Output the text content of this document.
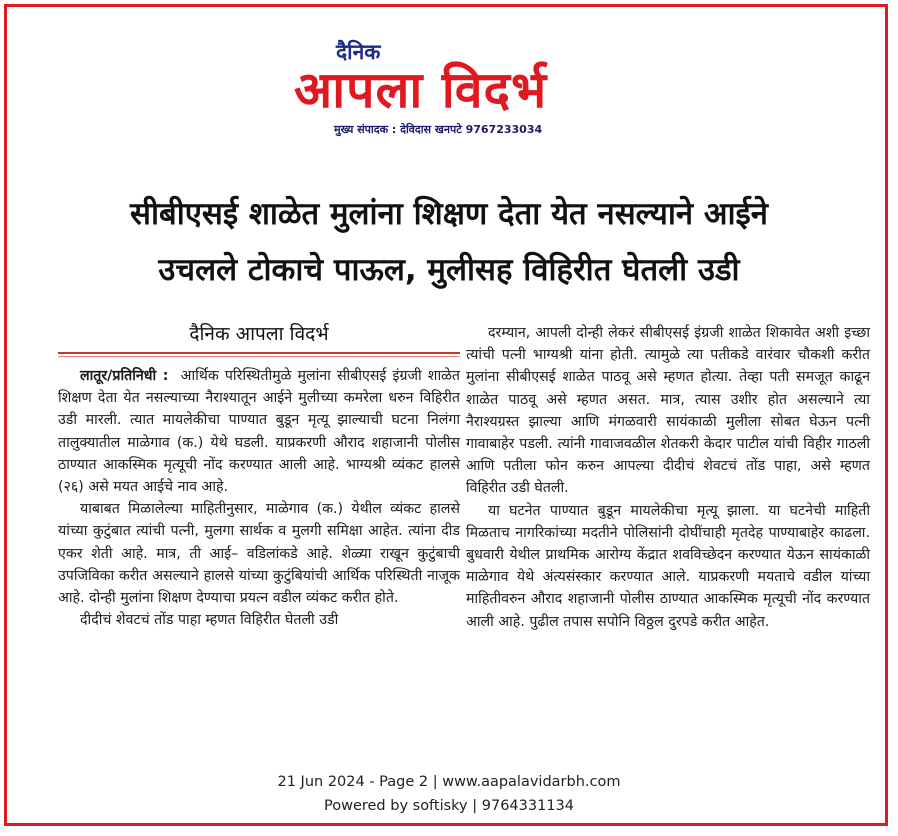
दैनिक
आपला विदर्भ
मुख्य संपादक : देविदास खनपटे 9767233034
सीबीएसई शाळेत मुलांना शिक्षण देता येत नसल्याने आईने
उचलले टोकाचे पाऊल, मुलीसह विहिरीत घेतली उडी
दैनिक आपला विदर्भ

लातूर/प्रतिनिधी : आर्थिक परिस्थितीमुळे मुलांना सीबीएसई इंग्रजी शाळेत शिक्षण देता येत नसल्याच्या नैराश्यातून आईने मुलीच्या कमरेला धरुन विहिरीत उडी मारली. त्यात मायलेकीचा पाण्यात बुडून मृत्यू झाल्याची घटना निलंगा तालुक्यातील माळेगाव (क.) येथे घडली. याप्रकरणी औराद शहाजानी पोलीस ठाण्यात आकस्मिक मृत्यूची नोंद करण्यात आली आहे. भाग्यश्री व्यंकट हालसे (२६) असे मयत आईचे नाव आहे.

याबाबत मिळालेल्या माहितीनुसार, माळेगाव (क.) येथील व्यंकट हालसे यांच्या कुटुंबात त्यांची पत्नी, मुलगा सार्थक व मुलगी समिक्षा आहेत. त्यांना दीड एकर शेती आहे. मात्र, ती आई– वडिलांकडे आहे. शेळ्या राखून कुटुंबाची उपजिविका करीत असल्याने हालसे यांच्या कुटुंबियांची आर्थिक परिस्थिती नाजूक आहे. दोन्ही मुलांना शिक्षण देण्याचा प्रयत्न वडील व्यंकट करीत होते.

दीदीचं शेवटचं तोंड पाहा म्हणत विहिरीत घेतली उडी

दरम्यान, आपली दोन्ही लेकरं सीबीएसई इंग्रजी शाळेत शिकावेत अशी इच्छा त्यांची पत्नी भाग्यश्री यांना होती. त्यामुळे त्या पतीकडे वारंवार चौकशी करीत मुलांना सीबीएसई शाळेत पाठवू असे म्हणत होत्या. तेव्हा पती समजूत काढून शाळेत पाठवू असे म्हणत असत. मात्र, त्यास उशीर होत असल्याने त्या नैराश्यग्रस्त झाल्या आणि मंगळवारी सायंकाळी मुलीला सोबत घेऊन पत्नी गावाबाहेर पडली. त्यांनी गावाजवळील शेतकरी केदार पाटील यांची विहीर गाठली आणि पतीला फोन करुन आपल्या दीदीचं शेवटचं तोंड पाहा, असे म्हणत विहिरीत उडी घेतली.

या घटनेत पाण्यात बुडून मायलेकीचा मृत्यू झाला. या घटनेची माहिती मिळताच नागरिकांच्या मदतीने पोलिसांनी दोघींचाही मृतदेह पाण्याबाहेर काढला. बुधवारी येथील प्राथमिक आरोग्य केंद्रात शवविच्छेदन करण्यात येऊन सायंकाळी माळेगाव येथे अंत्यसंस्कार करण्यात आले. याप्रकरणी मयताचे वडील यांच्या माहितीवरुन औराद शहाजानी पोलीस ठाण्यात आकस्मिक मृत्यूची नोंद करण्यात आली आहे. पुढील तपास सपोनि विठ्ठल दुरपडे करीत आहेत.

21 Jun 2024 - Page 2 | www.aapalavidarbh.com
Powered by softisky | 9764331134
